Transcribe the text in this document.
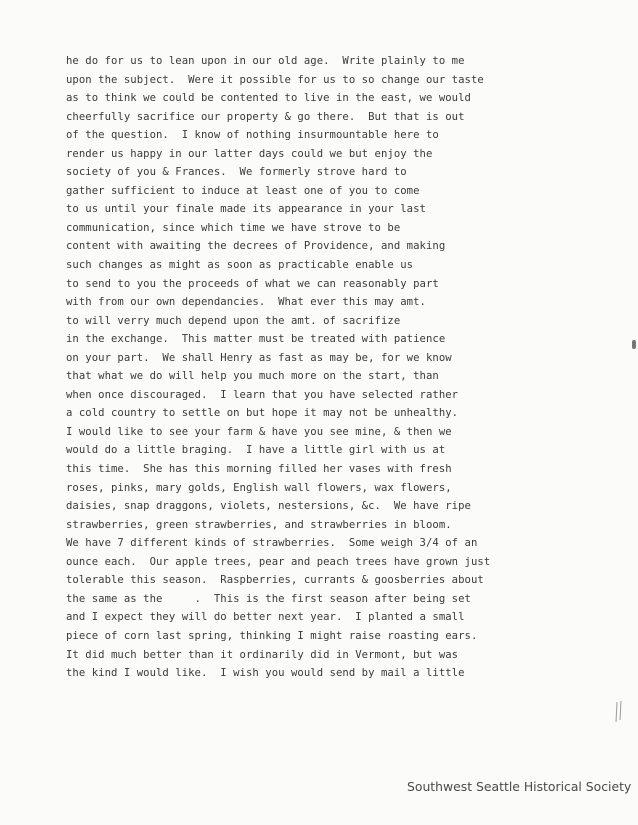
he do for us to lean upon in our old age.  Write plainly to me
upon the subject.  Were it possible for us to so change our taste
as to think we could be contented to live in the east, we would
cheerfully sacrifice our property & go there.  But that is out
of the question.  I know of nothing insurmountable here to
render us happy in our latter days could we but enjoy the
society of you & Frances.  We formerly strove hard to
gather sufficient to induce at least one of you to come
to us until your finale made its appearance in your last
communication, since which time we have strove to be
content with awaiting the decrees of Providence, and making
such changes as might as soon as practicable enable us
to send to you the proceeds of what we can reasonably part
with from our own dependancies.  What ever this may amt.
to will verry much depend upon the amt. of sacrifize
in the exchange.  This matter must be treated with patience
on your part.  We shall Henry as fast as may be, for we know
that what we do will help you much more on the start, than
when once discouraged.  I learn that you have selected rather
a cold country to settle on but hope it may not be unhealthy.
I would like to see your farm & have you see mine, & then we
would do a little braging.  I have a little girl with us at
this time.  She has this morning filled her vases with fresh
roses, pinks, mary golds, English wall flowers, wax flowers,
daisies, snap draggons, violets, nestersions, &c.  We have ripe
strawberries, green strawberries, and strawberries in bloom.
We have 7 different kinds of strawberries.  Some weigh 3/4 of an
ounce each.  Our apple trees, pear and peach trees have grown just
tolerable this season.  Raspberries, currants & goosberries about
the same as the     .  This is the first season after being set
and I expect they will do better next year.  I planted a small
piece of corn last spring, thinking I might raise roasting ears.
It did much better than it ordinarily did in Vermont, but was
the kind I would like.  I wish you would send by mail a little
Southwest Seattle Historical Society
